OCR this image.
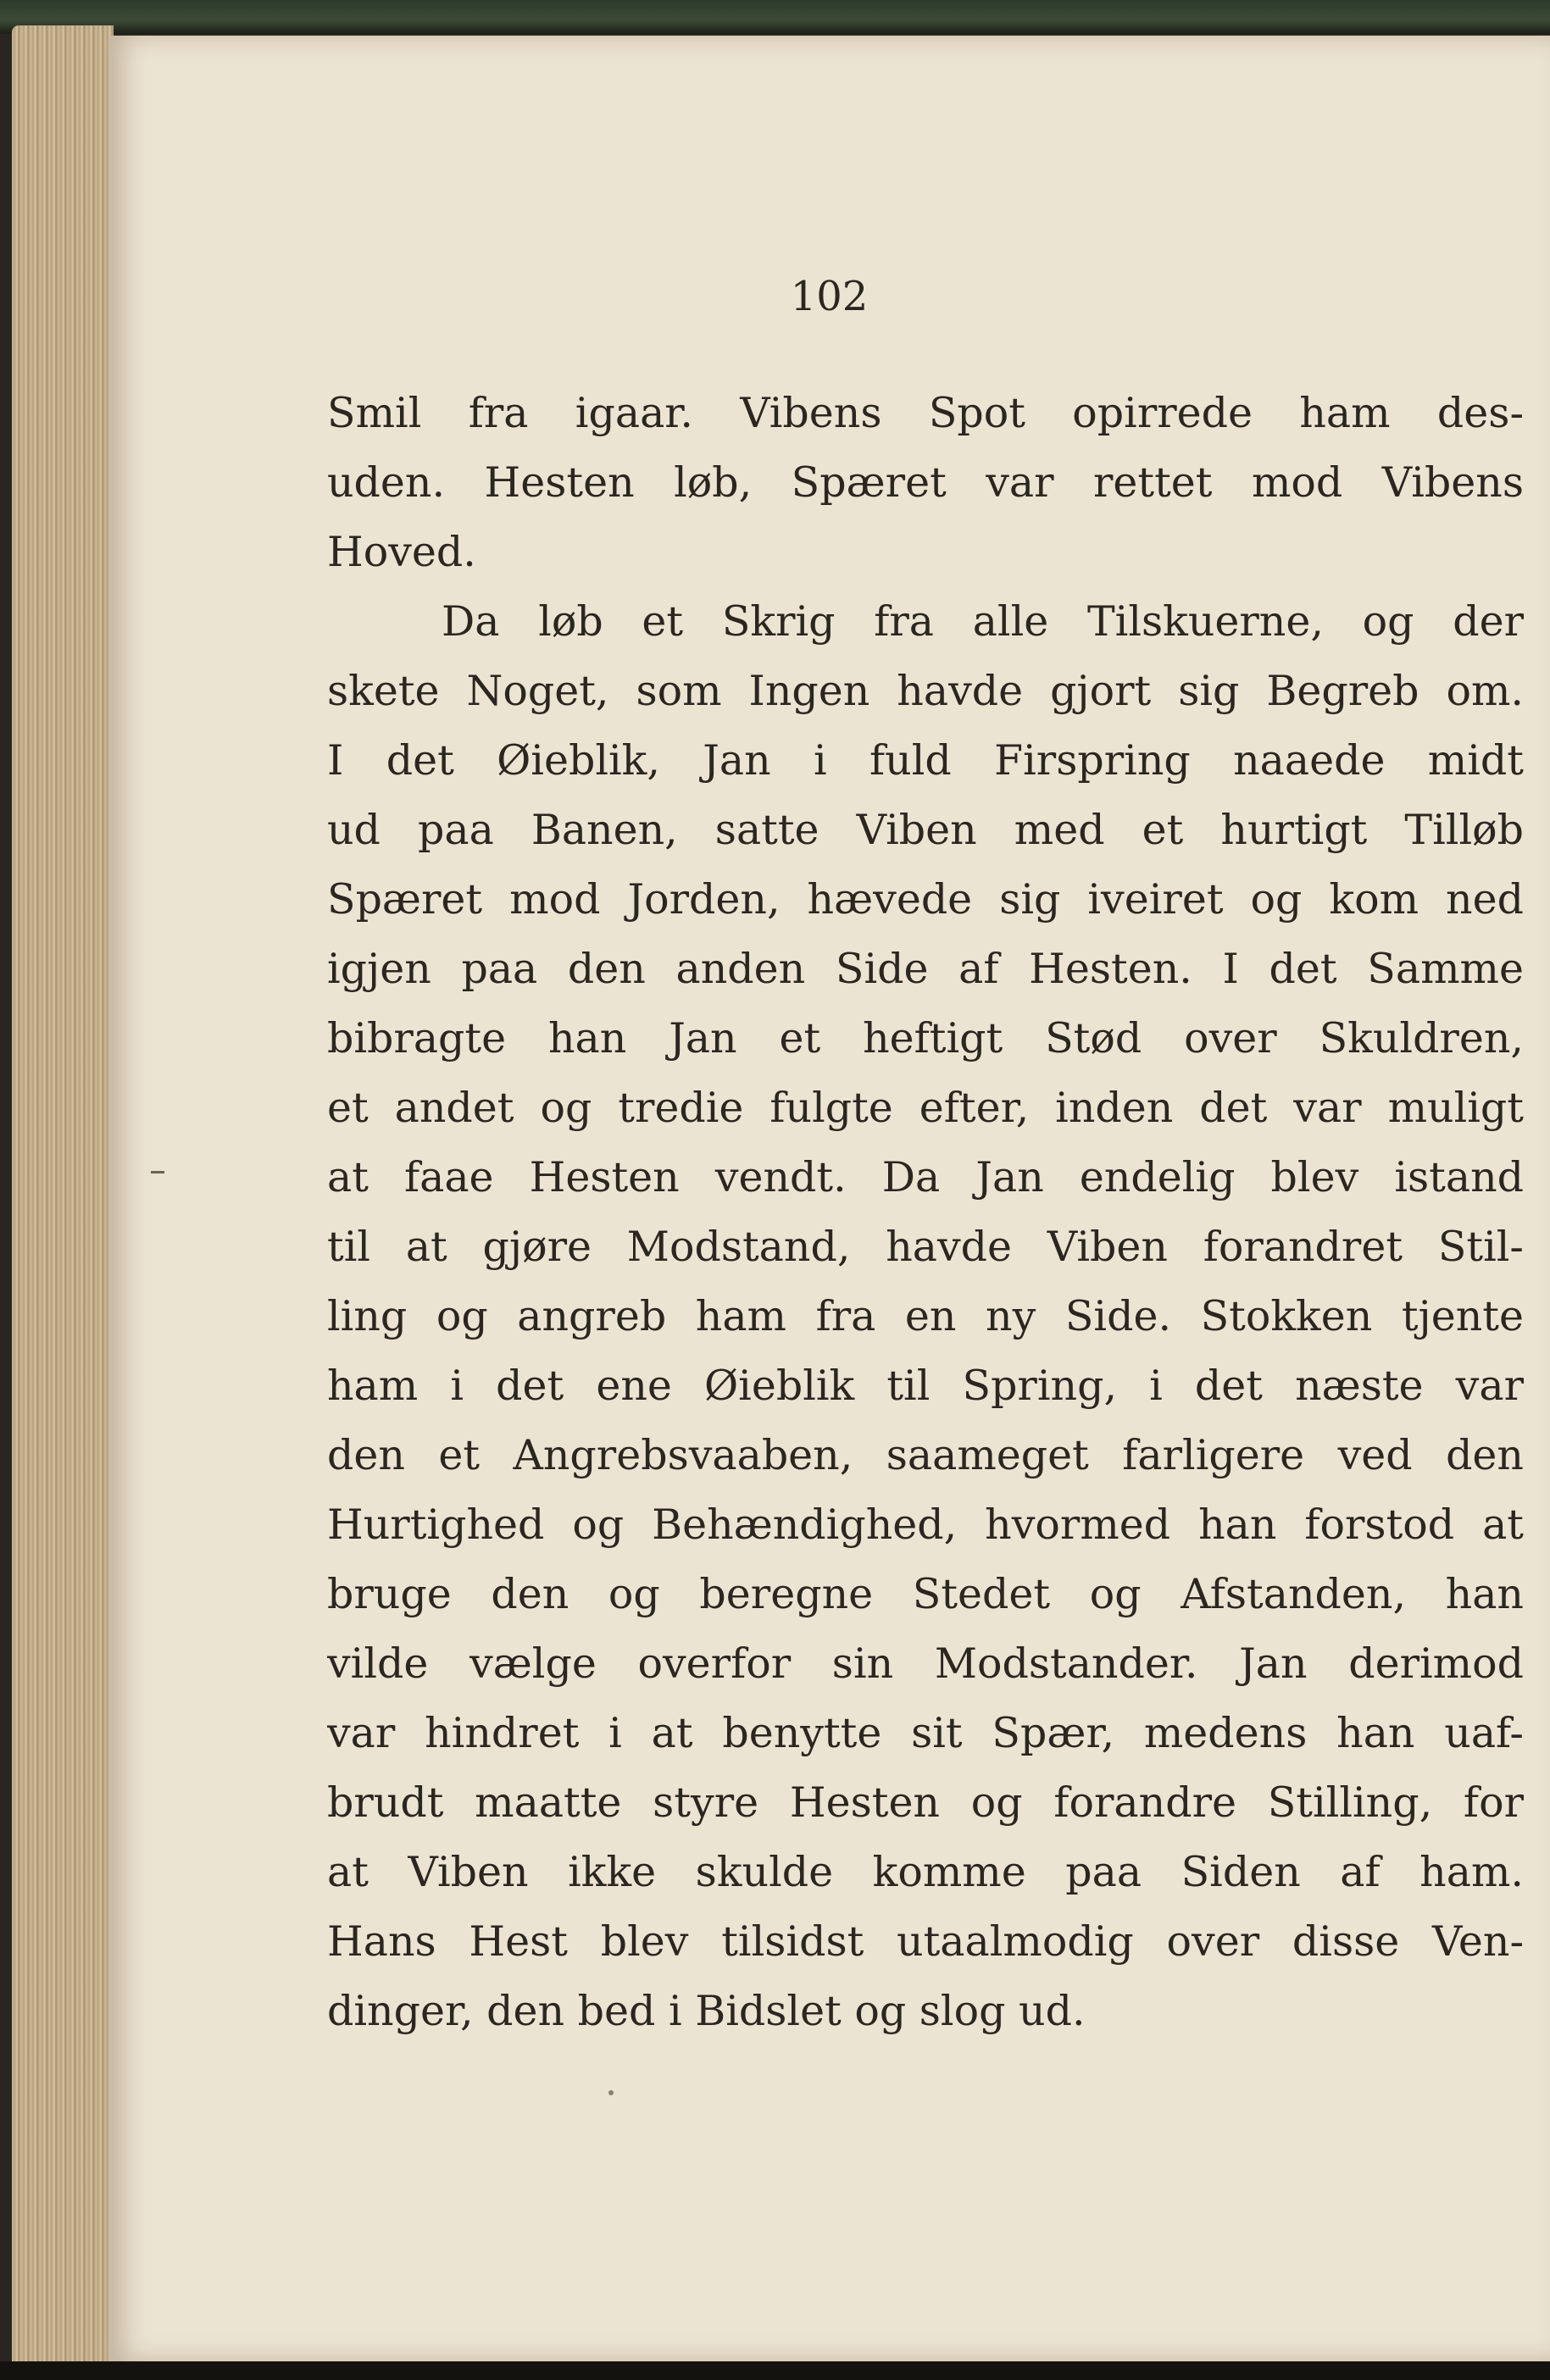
102

Smil fra igaar. Vibens Spot opirrede ham des-
uden. Hesten løb, Spæret var rettet mod Vibens
Hoved.
Da løb et Skrig fra alle Tilskuerne, og der
skete Noget, som Ingen havde gjort sig Begreb om.
I det Øieblik, Jan i fuld Firspring naaede midt
ud paa Banen, satte Viben med et hurtigt Tilløb
Spæret mod Jorden, hævede sig iveiret og kom ned
igjen paa den anden Side af Hesten. I det Samme
bibragte han Jan et heftigt Stød over Skuldren,
et andet og tredie fulgte efter, inden det var muligt
at faae Hesten vendt. Da Jan endelig blev istand
til at gjøre Modstand, havde Viben forandret Stil-
ling og angreb ham fra en ny Side. Stokken tjente
ham i det ene Øieblik til Spring, i det næste var
den et Angrebsvaaben, saameget farligere ved den
Hurtighed og Behændighed, hvormed han forstod at
bruge den og beregne Stedet og Afstanden, han
vilde vælge overfor sin Modstander. Jan derimod
var hindret i at benytte sit Spær, medens han uaf-
brudt maatte styre Hesten og forandre Stilling, for
at Viben ikke skulde komme paa Siden af ham.
Hans Hest blev tilsidst utaalmodig over disse Ven-
dinger, den bed i Bidslet og slog ud.
